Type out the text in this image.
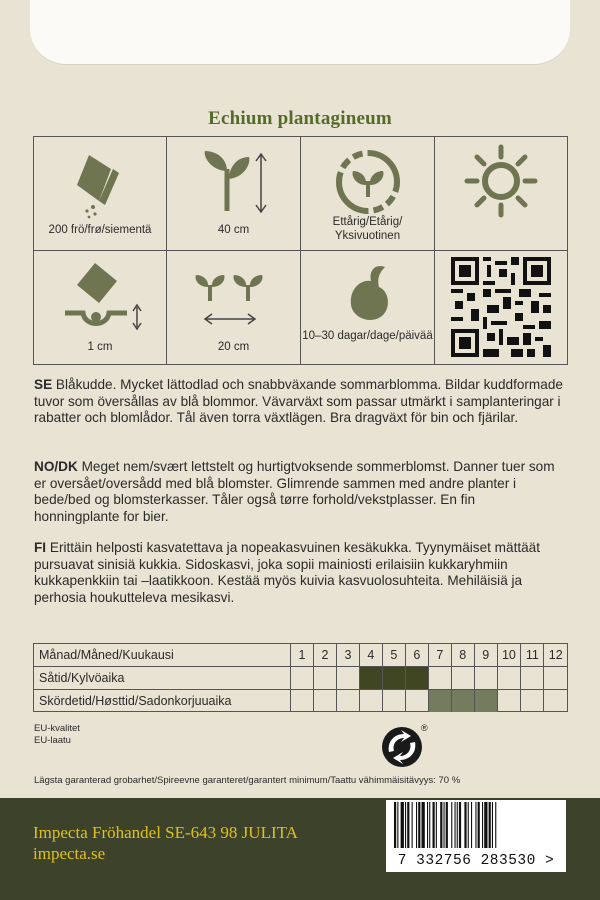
Echium plantagineum
200 frö/frø/siementä	40 cm
Ettårig/Etårig/ Yksivuotinen
1 cm	20 cm
10–30 dagar/dage/päivää
SE Blåkudde. Mycket lättodlad och snabbväxande sommarblomma. Bildar kuddformade tuvor som översållas av blå blommor. Vävarväxt som passar utmärkt i samplanteringar i rabatter och blomlådor. Tål även torra växtlägen. Bra dragväxt för bin och fjärilar.
NO/DK Meget nem/svært lettstelt og hurtigtvoksende sommerblomst. Danner tuer som er oversået/oversådd med blå blomster. Glimrende sammen med andre planter i bede/bed og blomsterkasser. Tåler også tørre forhold/vekstplasser. En fin honningplante for bier.
FI Erittäin helposti kasvatettava ja nopeakasvuinen kesäkukka. Tyynymäiset mättäät pursuavat sinisiä kukkia. Sidoskasvi, joka sopii mainiosti erilaisiin kukkaryhmiin kukkapenkkiin tai –laatikkoon. Kestää myös kuivia kasvuolosuhteita. Mehiläisiä ja perhosia houkutteleva mesikasvi.
Månad/Måned/Kuukausi	1	2	3	4	5	6	7	8	9	10	11	12
Såtid/Kylvöaika												
Skördetid/Høsttid/Sadonkorjuuaika												
EU-kvalitet
EU-laatu
®
Lägsta garanterad grobarhet/Spireevne garanteret/garantert minimum/Taattu vähimmäisitävyys: 70 %
Impecta Fröhandel SE-643 98 JULITA
impecta.se	7 332756 283530 >
